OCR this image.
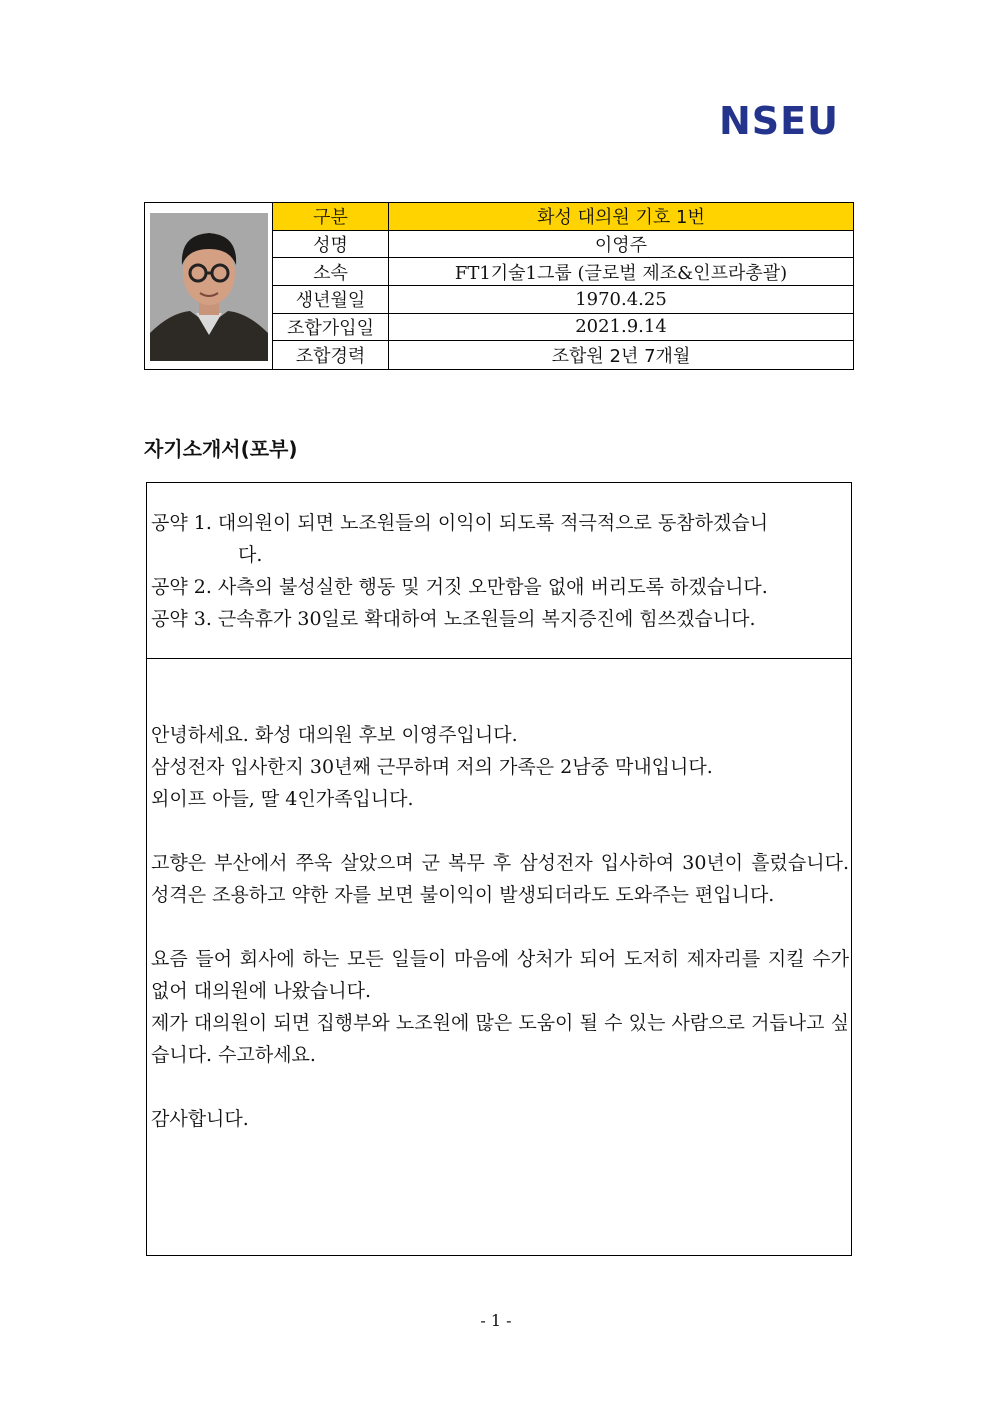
NSEU
구분	화성 대의원 기호 1번
성명	이영주
소속	FT1기술1그룹 (글로벌 제조&인프라총괄)
생년월일	1970.4.25
조합가입일	2021.9.14
조합경력	조합원 2년 7개월
자기소개서(포부)
공약 1. 대의원이 되면 노조원들의 이익이 되도록 적극적으로 동참하겠습니
다.
공약 2. 사측의 불성실한 행동 및 거짓 오만함을 없애 버리도록 하겠습니다.
공약 3. 근속휴가 30일로 확대하여 노조원들의 복지증진에 힘쓰겠습니다.

안녕하세요. 화성 대의원 후보 이영주입니다.

삼성전자 입사한지 30년째 근무하며 저의 가족은 2남중 막내입니다.

외이프 아들, 딸 4인가족입니다.

고향은 부산에서 쭈욱 살았으며 군 복무 후 삼성전자 입사하여 30년이 흘렀습니다. 성격은 조용하고 약한 자를 보면 불이익이 발생되더라도 도와주는 편입니다.

요즘 들어 회사에 하는 모든 일들이 마음에 상처가 되어 도저히 제자리를 지킬 수가 없어 대의원에 나왔습니다.

제가 대의원이 되면 집행부와 노조원에 많은 도움이 될 수 있는 사람으로 거듭나고 싶습니다. 수고하세요.

감사합니다.

- 1 -
